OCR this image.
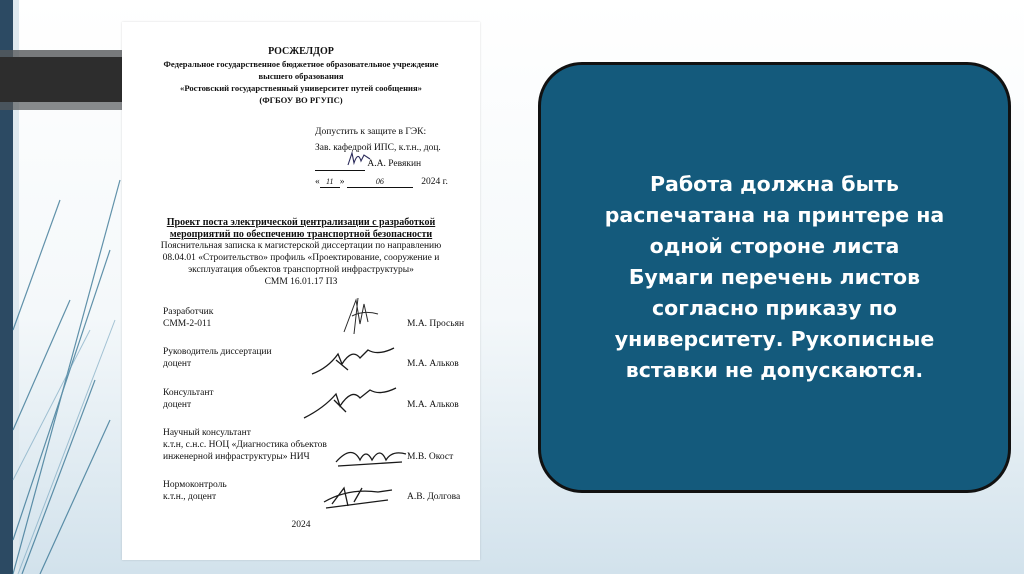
РОСЖЕЛДОР
Федеральное государственное бюджетное образовательное учреждение
высшего образования
«Ростовский государственный университет путей сообщения»
(ФГБОУ ВО РГУПС)
Допустить к защите в ГЭК:
Зав. кафедрой ИПС, к.т.н., доц.
А.А. Ревякин
« 11 »	06	2024 г.
Проект поста электрической централизации с разработкой
мероприятий по обеспечению транспортной безопасности
Пояснительная записка к магистерской диссертации по направлению
08.04.01 «Строительство» профиль «Проектирование, сооружение и
эксплуатация объектов транспортной инфраструктуры»
СММ 16.01.17 ПЗ
Разработчик
СММ-2-011	М.А. Просьян
Руководитель диссертации
доцент	М.А. Альков
Консультант
доцент	М.А. Альков
Научный консультант
к.т.н, с.н.с. НОЦ «Диагностика объектов
инженерной инфраструктуры» НИЧ	М.В. Окост
Нормоконтроль
к.т.н., доцент	А.В. Долгова
2024
Работа должна быть
распечатана на принтере на
одной стороне листа
Бумаги перечень листов
согласно приказу по
университету. Рукописные
вставки не допускаются.
